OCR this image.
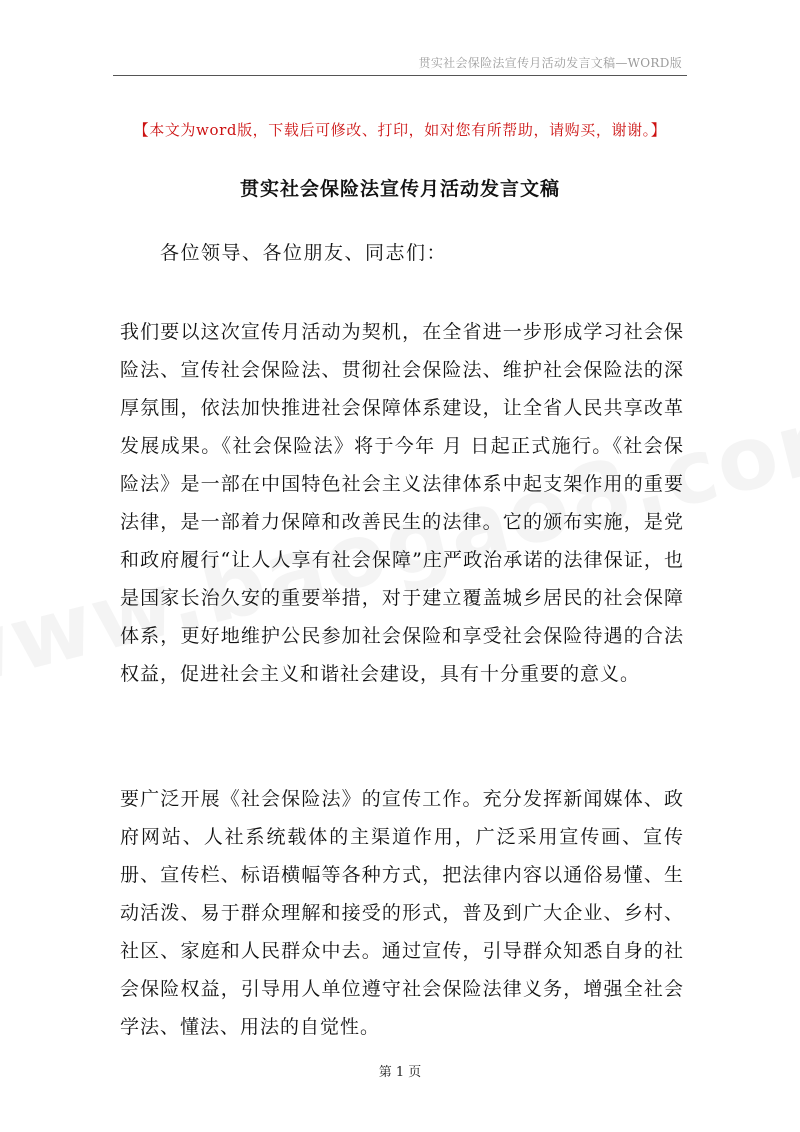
贯实社会保险法宣传月活动发言文稿—WORD版
【本文为word版，下载后可修改、打印，如对您有所帮助，请购买，谢谢。】
贯实社会保险法宣传月活动发言文稿
各位领导、各位朋友、同志们：

我们要以这次宣传月活动为契机，在全省进一步形成学习社会保险法、宣传社会保险法、贯彻社会保险法、维护社会保险法的深厚氛围，依法加快推进社会保障体系建设，让全省人民共享改革发展成果。《社会保险法》将于今年 月 日起正式施行。《社会保险法》是一部在中国特色社会主义法律体系中起支架作用的重要法律，是一部着力保障和改善民生的法律。它的颁布实施，是党和政府履行“让人人享有社会保障”庄严政治承诺的法律保证，也是国家长治久安的重要举措，对于建立覆盖城乡居民的社会保障体系，更好地维护公民参加社会保险和享受社会保险待遇的合法权益，促进社会主义和谐社会建设，具有十分重要的意义。

要广泛开展《社会保险法》的宣传工作。充分发挥新闻媒体、政府网站、人社系统载体的主渠道作用，广泛采用宣传画、宣传册、宣传栏、标语横幅等各种方式，把法律内容以通俗易懂、生动活泼、易于群众理解和接受的形式，普及到广大企业、乡村、社区、家庭和人民群众中去。通过宣传，引导群众知悉自身的社会保险权益，引导用人单位遵守社会保险法律义务，增强全社会学法、懂法、用法的自觉性。

第 1 页
